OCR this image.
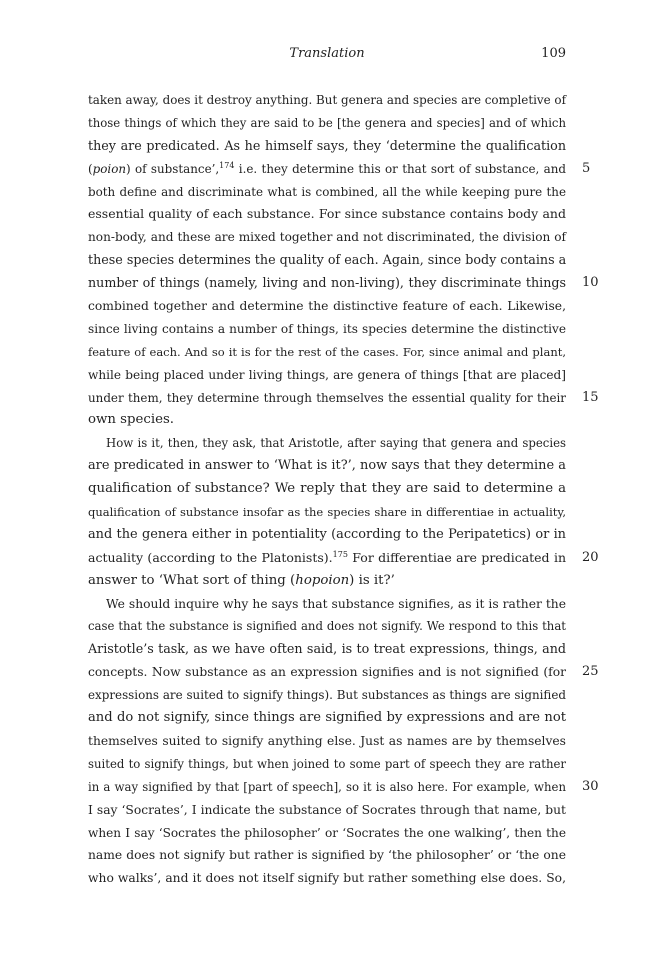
Translation	109
taken away, does it destroy anything. But genera and species are completive of
those things of which they are said to be [the genera and species] and of which
they are predicated. As he himself says, they ‘determine the qualification
(poion) of substance’,$^{174}$ i.e. they determine this or that sort of substance, and 5
both define and discriminate what is combined, all the while keeping pure the
essential quality of each substance. For since substance contains body and
non-body, and these are mixed together and not discriminated, the division of
these species determines the quality of each. Again, since body contains a
number of things (namely, living and non-living), they discriminate things 10
combined together and determine the distinctive feature of each. Likewise,
since living contains a number of things, its species determine the distinctive
feature of each. And so it is for the rest of the cases. For, since animal and plant,
while being placed under living things, are genera of things [that are placed]
under them, they determine through themselves the essential quality for their 15
own species.
How is it, then, they ask, that Aristotle, after saying that genera and species
are predicated in answer to ‘What is it?’, now says that they determine a
qualification of substance? We reply that they are said to determine a
qualification of substance insofar as the species share in differentiae in actuality,
and the genera either in potentiality (according to the Peripatetics) or in
actuality (according to the Platonists).$^{175}$ For differentiae are predicated in 20
answer to ‘What sort of thing (hopoion) is it?’
We should inquire why he says that substance signifies, as it is rather the
case that the substance is signified and does not signify. We respond to this that
Aristotle’s task, as we have often said, is to treat expressions, things, and
concepts. Now substance as an expression signifies and is not signified (for 25
expressions are suited to signify things). But substances as things are signified
and do not signify, since things are signified by expressions and are not
themselves suited to signify anything else. Just as names are by themselves
suited to signify things, but when joined to some part of speech they are rather
in a way signified by that [part of speech], so it is also here. For example, when 30
I say ‘Socrates’, I indicate the substance of Socrates through that name, but
when I say ‘Socrates the philosopher’ or ‘Socrates the one walking’, then the
name does not signify but rather is signified by ‘the philosopher’ or ‘the one
who walks’, and it does not itself signify but rather something else does. So,
